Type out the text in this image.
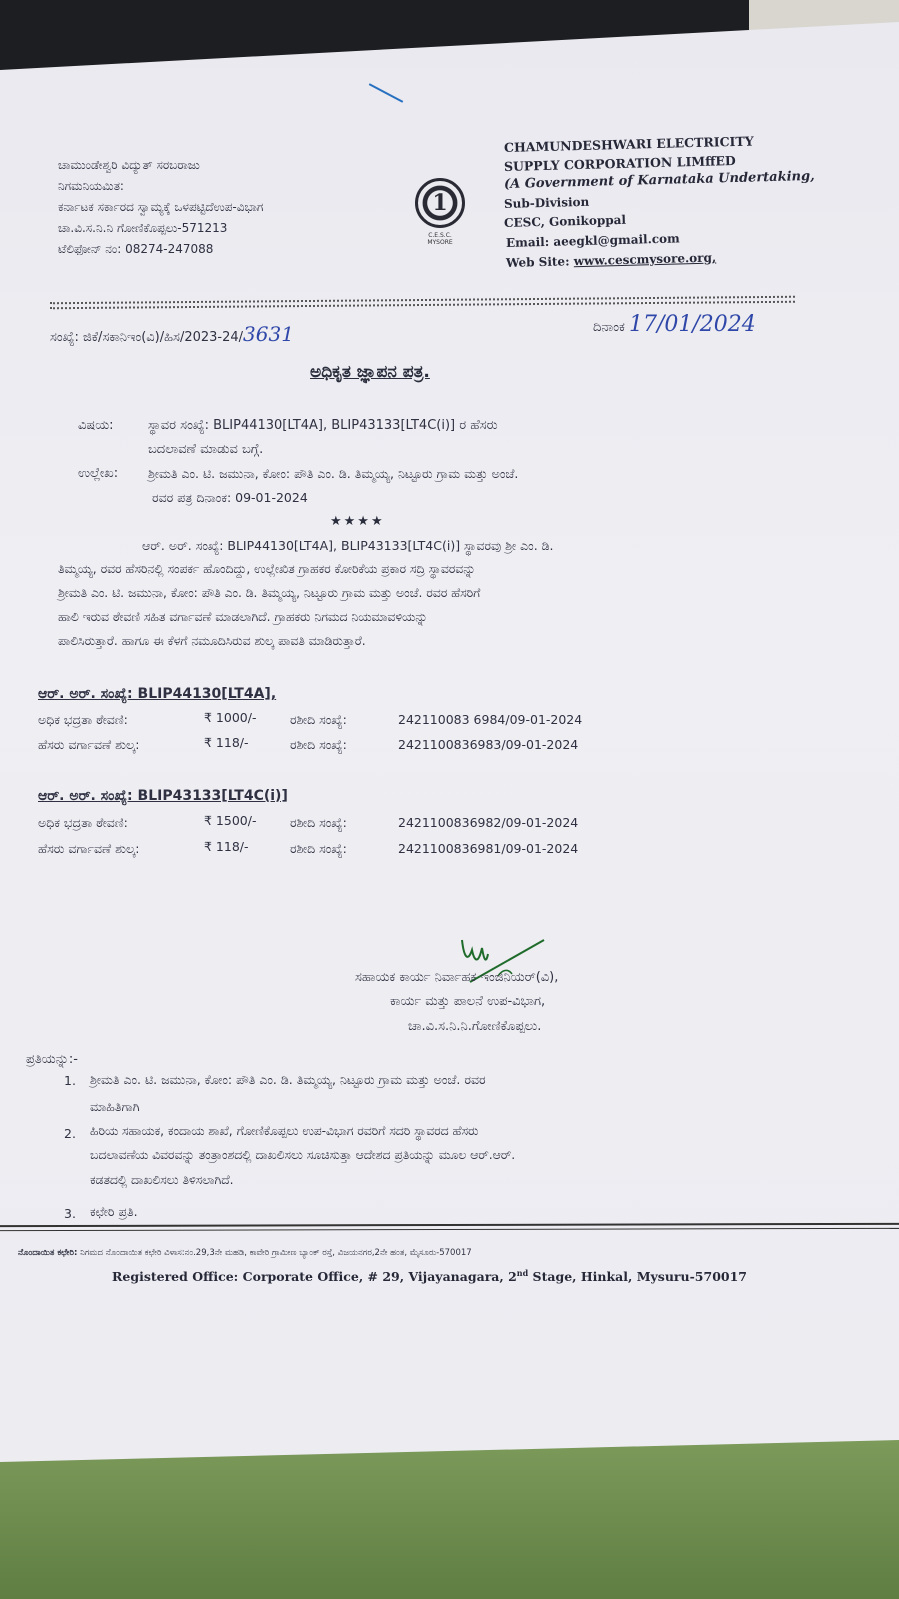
ಚಾಮುಂಡೇಶ್ವರಿ ವಿದ್ಯುತ್ ಸರಬರಾಜು
ನಿಗಮನಿಯಮಿತ:
ಕರ್ನಾಟಕ ಸರ್ಕಾರದ ಸ್ವಾಮ್ಯಕ್ಕೆ ಒಳಪಟ್ಟಿದೆಉಪ-ವಿಭಾಗ
ಚಾ.ವಿ.ಸ.ನಿ.ನಿ ಗೋಣಿಕೊಪ್ಪಲು-571213
ಟೆಲಿಫೋನ್ ನಂ: 08274-247088
1
C.E.S.C. MYSORE
CHAMUNDESHWARI ELECTRICITY
SUPPLY CORPORATION LIMffED
(A Government of Karnataka Undertaking,
Sub-Division
CESC, Gonikoppal
Email: aeegkl@gmail.com
Web Site: www.cescmysore.org,
ಸಂಖ್ಯೆ: ಜಿಕೆ/ಸಕಾನಿಇಂ(ವಿ)/ಹಿಸ/2023-24/3631	ದಿನಾಂಕ 17/01/2024
ಅಧಿಕೃತ ಜ್ಞಾಪನ ಪತ್ರ.
ವಿಷಯ:	ಸ್ಥಾವರ ಸಂಖ್ಯೆ: BLIP44130[LT4A], BLIP43133[LT4C(i)] ರ ಹೆಸರು
ಬದಲಾವಣೆ ಮಾಡುವ ಬಗ್ಗೆ.
ಉಲ್ಲೇಖ: ಶ್ರೀಮತಿ ಎಂ. ಟಿ. ಜಮುನಾ, ಕೋಂ: ಪೌತಿ ಎಂ. ಡಿ. ತಿಮ್ಮಯ್ಯ, ನಿಟ್ಟೂರು ಗ್ರಾಮ ಮತ್ತು ಅಂಚೆ.
ರವರ ಪತ್ರ ದಿನಾಂಕ: 09-01-2024
★★★★
ಆರ್. ಅರ್. ಸಂಖ್ಯೆ: BLIP44130[LT4A], BLIP43133[LT4C(i)] ಸ್ಥಾವರವು ಶ್ರೀ ಎಂ. ಡಿ.
ತಿಮ್ಮಯ್ಯ, ರವರ ಹೆಸರಿನಲ್ಲಿ ಸಂಪರ್ಕ ಹೊಂದಿದ್ದು, ಉಲ್ಲೇಖಿತ ಗ್ರಾಹಕರ ಕೋರಿಕೆಯ ಪ್ರಕಾರ ಸದ್ರಿ ಸ್ಥಾವರವನ್ನು
ಶ್ರೀಮತಿ ಎಂ. ಟಿ. ಜಮುನಾ, ಕೋಂ: ಪೌತಿ ಎಂ. ಡಿ. ತಿಮ್ಮಯ್ಯ, ನಿಟ್ಟೂರು ಗ್ರಾಮ ಮತ್ತು ಅಂಚೆ. ರವರ ಹೆಸರಿಗೆ
ಹಾಲಿ ಇರುವ ಠೇವಣಿ ಸಹಿತ ವರ್ಗಾವಣೆ ಮಾಡಲಾಗಿದೆ. ಗ್ರಾಹಕರು ನಿಗಮದ ನಿಯಮಾವಳಿಯನ್ನು
ಪಾಲಿಸಿರುತ್ತಾರೆ. ಹಾಗೂ ಈ ಕೆಳಗೆ ನಮೂದಿಸಿರುವ ಶುಲ್ಕ ಪಾವತಿ ಮಾಡಿರುತ್ತಾರೆ.
ಆರ್. ಅರ್. ಸಂಖ್ಯೆ: BLIP44130[LT4A],
ಅಧಿಕ ಭದ್ರತಾ ಠೇವಣಿ:	₹ 1000/-	ರಶೀದಿ ಸಂಖ್ಯೆ:	242110083 6984/09-01-2024
ಹೆಸರು ವರ್ಗಾವಣೆ ಶುಲ್ಕ:	₹ 118/-	ರಶೀದಿ ಸಂಖ್ಯೆ:	2421100836983/09-01-2024
ಆರ್. ಅರ್. ಸಂಖ್ಯೆ: BLIP43133[LT4C(i)]
ಅಧಿಕ ಭದ್ರತಾ ಠೇವಣಿ:	₹ 1500/-	ರಶೀದಿ ಸಂಖ್ಯೆ:	2421100836982/09-01-2024
ಹೆಸರು ವರ್ಗಾವಣೆ ಶುಲ್ಕ:	₹ 118/-	ರಶೀದಿ ಸಂಖ್ಯೆ:	2421100836981/09-01-2024
ಸಹಾಯಕ ಕಾರ್ಯ ನಿರ್ವಾಹಕ ಇಂಜಿನಿಯರ್(ವಿ),
ಕಾರ್ಯ ಮತ್ತು ಪಾಲನೆ ಉಪ-ವಿಭಾಗ,
ಚಾ.ವಿ.ಸ.ನಿ.ನಿ.ಗೋಣಿಕೊಪ್ಪಲು.
ಪ್ರತಿಯನ್ನು:-
1. ಶ್ರೀಮತಿ ಎಂ. ಟಿ. ಜಮುನಾ, ಕೋಂ: ಪೌತಿ ಎಂ. ಡಿ. ತಿಮ್ಮಯ್ಯ, ನಿಟ್ಟೂರು ಗ್ರಾಮ ಮತ್ತು ಅಂಚೆ. ರವರ
ಮಾಹಿತಿಗಾಗಿ
2. ಹಿರಿಯ ಸಹಾಯಕ, ಕಂದಾಯ ಶಾಖೆ, ಗೋಣಿಕೊಪ್ಪಲು ಉಪ-ವಿಭಾಗ ರವರಿಗೆ ಸದರಿ ಸ್ಥಾವರದ ಹೆಸರು
ಬದಲಾವಣೆಯ ವಿವರವನ್ನು ತಂತ್ರಾಂಶದಲ್ಲಿ ದಾಖಲಿಸಲು ಸೂಚಿಸುತ್ತಾ ಆದೇಶದ ಪ್ರತಿಯನ್ನು ಮೂಲ ಆರ್.ಆರ್.
ಕಡತದಲ್ಲಿ ದಾಖಲಿಸಲು ತಿಳಿಸಲಾಗಿದೆ.
3. ಕಛೇರಿ ಪ್ರತಿ.
ನೊಂದಾಯಿತ ಕಛೇರಿ: ನಿಗಮದ ನೊಂದಾಯಿತ ಕಛೇರಿ ವಿಳಾಸ:ನಂ.29,3ನೇ ಮಹಡಿ, ಕಾವೇರಿ ಗ್ರಾಮೀಣ ಬ್ಯಾಂಕ್ ರಸ್ತೆ, ವಿಜಯನಗರ,2ನೇ ಹಂತ, ಮೈಸೂರು-570017
Registered Office: Corporate Office, # 29, Vijayanagara, 2nd Stage, Hinkal, Mysuru-570017
